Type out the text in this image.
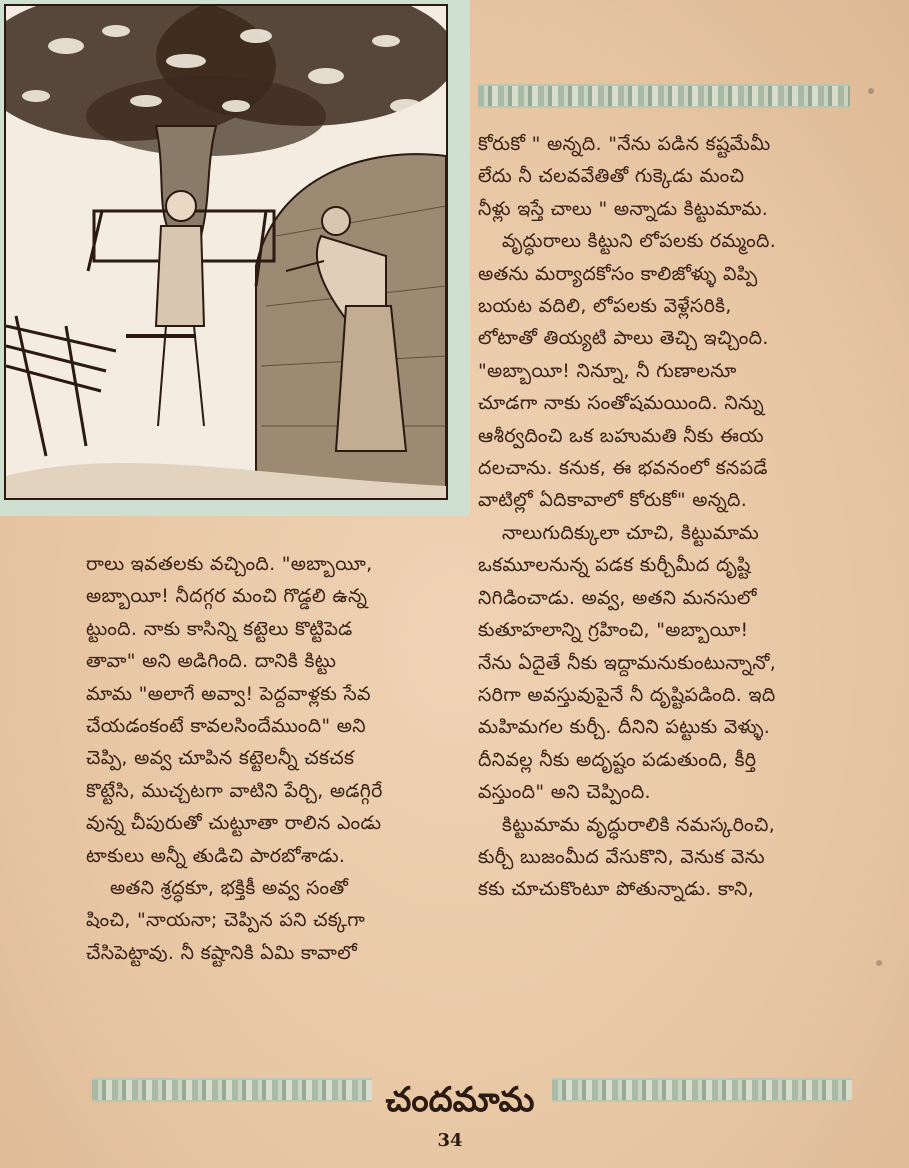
కోరుకో " అన్నది. "నేను పడిన కష్టమేమీ
లేదు నీ చలవవేతితో గుక్కెడు మంచి
నీళ్లు ఇస్తే చాలు " అన్నాడు కిట్టుమామ.
వృద్ధురాలు కిట్టుని లోపలకు రమ్మంది.
అతను మర్యాదకోసం కాలిజోళ్ళు విప్పి
బయట వదిలి, లోపలకు వెళ్లేసరికి,
లోటాతో తియ్యటి పాలు తెచ్చి ఇచ్చింది.
"అబ్బాయీ! నిన్నూ, నీ గుణాలనూ
చూడగా నాకు సంతోషమయింది. నిన్ను
ఆశీర్వదించి ఒక బహుమతి నీకు ఈయ
దలచాను. కనుక, ఈ భవనంలో కనపడే
వాటిల్లో ఏదికావాలో కోరుకో" అన్నది.
నాలుగుదిక్కులా చూచి, కిట్టుమామ
ఒకమూలనున్న పడక కుర్చీమీద దృష్టి
నిగిడించాడు. అవ్వ, అతని మనసులో
కుతూహలాన్ని గ్రహించి, "అబ్బాయీ!
నేను ఏదైతే నీకు ఇద్దామనుకుంటున్నానో,
సరిగా అవస్తువుపైనే నీ దృష్టిపడింది. ఇది
మహిమగల కుర్చీ. దీనిని పట్టుకు వెళ్ళు.
దీనివల్ల నీకు అదృష్టం పడుతుంది, కీర్తి
వస్తుంది" అని చెప్పింది.
కిట్టుమామ వృద్ధురాలికి నమస్కరించి,
కుర్చీ బుజంమీద వేసుకొని, వెనుక వెను
కకు చూచుకొంటూ పోతున్నాడు. కాని,
రాలు ఇవతలకు వచ్చింది. "అబ్బాయీ,
అబ్బాయీ! నీదగ్గర మంచి గొడ్డలి ఉన్న
ట్టుంది. నాకు కాసిన్ని కట్టెలు కొట్టిపెడ
తావా" అని అడిగింది. దానికి కిట్టు
మామ "అలాగే అవ్వా! పెద్దవాళ్లకు సేవ
చేయడంకంటే కావలసిందేముంది" అని
చెప్పి, అవ్వ చూపిన కట్టెలన్నీ చకచక
కొట్టేసి, ముచ్చటగా వాటిని పేర్చి, అడగ్గిరే
వున్న చీపురుతో చుట్టూతా రాలిన ఎండు
టాకులు అన్నీ తుడిచి పారబోశాడు.
అతని శ్రద్ధకూ, భక్తికీ అవ్వ సంతో
షించి, "నాయనా; చెప్పిన పని చక్కగా
చేసిపెట్టావు. నీ కష్టానికి ఏమి కావాలో
చందమామ
34
